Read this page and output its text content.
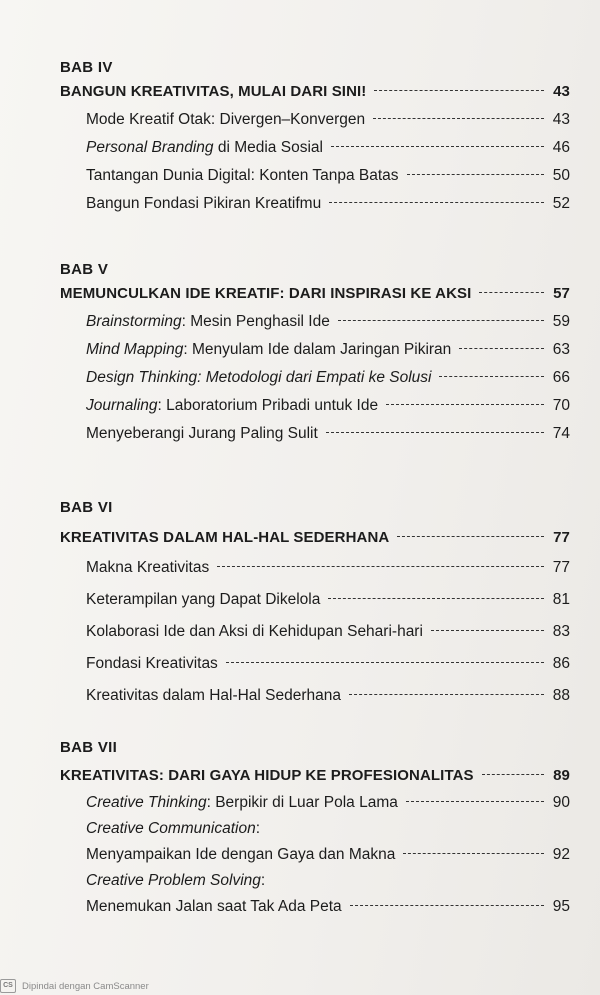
BAB IV

BANGUN KREATIVITAS, MULAI DARI SINI!	43
Mode Kreatif Otak: Divergen–Konvergen	43
Personal Branding di Media Sosial	46
Tantangan Dunia Digital: Konten Tanpa Batas	50
Bangun Fondasi Pikiran Kreatifmu	52

BAB V

MEMUNCULKAN IDE KREATIF: DARI INSPIRASI KE AKSI	57
Brainstorming: Mesin Penghasil Ide	59
Mind Mapping: Menyulam Ide dalam Jaringan Pikiran	63
Design Thinking: Metodologi dari Empati ke Solusi	66
Journaling: Laboratorium Pribadi untuk Ide	70
Menyeberangi Jurang Paling Sulit	74

BAB VI

KREATIVITAS DALAM HAL-HAL SEDERHANA	77
Makna Kreativitas	77
Keterampilan yang Dapat Dikelola	81
Kolaborasi Ide dan Aksi di Kehidupan Sehari-hari	83
Fondasi Kreativitas	86
Kreativitas dalam Hal-Hal Sederhana	88

BAB VII

KREATIVITAS: DARI GAYA HIDUP KE PROFESIONALITAS	89
Creative Thinking: Berpikir di Luar Pola Lama	90
Creative Communication:
Menyampaikan Ide dengan Gaya dan Makna	92
Creative Problem Solving:
Menemukan Jalan saat Tak Ada Peta	95
CS Dipindai dengan CamScanner
